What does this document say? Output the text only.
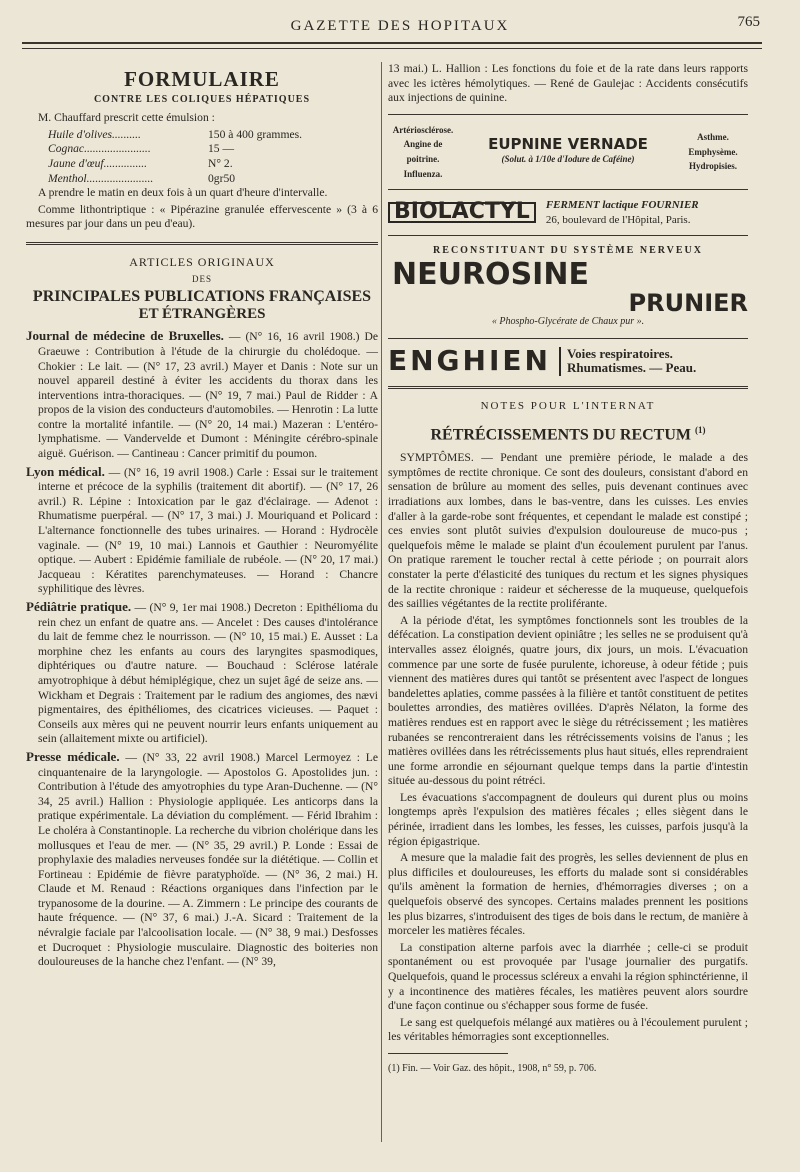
GAZETTE DES HOPITAUX	765
FORMULAIRE
CONTRE LES COLIQUES HÉPATIQUES

M. Chauffard prescrit cette émulsion :

Huile d'olives..........	150 à 400 grammes.
Cognac.......................	15 —
Jaune d'œuf...............	N° 2.
Menthol.......................	0gr50

A prendre le matin en deux fois à un quart d'heure d'intervalle.

Comme lithontriptique : « Pipérazine granulée effervescente » (3 à 6 mesures par jour dans un peu d'eau).

ARTICLES ORIGINAUX
DES
PRINCIPALES PUBLICATIONS FRANÇAISES
ET ÉTRANGÈRES

Journal de médecine de Bruxelles. — (N° 16, 16 avril 1908.) De Graeuwe : Contribution à l'étude de la chirurgie du cholédoque. — Chokier : Le lait. — (N° 17, 23 avril.) Mayer et Danis : Note sur un nouvel appareil destiné à éviter les accidents du thorax dans les interventions intra-thoraciques. — (N° 19, 7 mai.) Paul de Ridder : A propos de la vision des conducteurs d'automobiles. — Henrotin : La lutte contre la mortalité infantile. — (N° 20, 14 mai.) Mazeran : L'entéro-lymphatisme. — Vandervelde et Dumont : Méningite cérébro-spinale aiguë. Guérison. — Cantineau : Cancer primitif du poumon.

Lyon médical. — (N° 16, 19 avril 1908.) Carle : Essai sur le traitement interne et précoce de la syphilis (traitement dit abortif). — (N° 17, 26 avril.) R. Lépine : Intoxication par le gaz d'éclairage. — Adenot : Rhumatisme puerpéral. — (N° 17, 3 mai.) J. Mouriquand et Policard : L'alternance fonctionnelle des tubes urinaires. — Horand : Hydrocèle vaginale. — (N° 19, 10 mai.) Lannois et Gauthier : Neuromyélite optique. — Aubert : Epidémie familiale de rubéole. — (N° 20, 17 mai.) Jacqueau : Kératites parenchymateuses. — Horand : Chancre syphilitique des lèvres.

Pédiâtrie pratique. — (N° 9, 1er mai 1908.) Decreton : Epithélioma du rein chez un enfant de quatre ans. — Ancelet : Des causes d'intolérance du lait de femme chez le nourrisson. — (N° 10, 15 mai.) E. Ausset : La morphine chez les enfants au cours des laryngites spasmodiques, diphtériques ou d'autre nature. — Bouchaud : Sclérose latérale amyotrophique à début hémiplégique, chez un sujet âgé de seize ans. — Wickham et Degrais : Traitement par le radium des angiomes, des nævi pigmentaires, des épithéliomes, des cicatrices vicieuses. — Paquet : Conseils aux mères qui ne peuvent nourrir leurs enfants uniquement au sein (allaitement mixte ou artificiel).

Presse médicale. — (N° 33, 22 avril 1908.) Marcel Lermoyez : Le cinquantenaire de la laryngologie. — Apostolos G. Apostolides jun. : Contribution à l'étude des amyotrophies du type Aran-Duchenne. — (N° 34, 25 avril.) Hallion : Physiologie appliquée. Les anticorps dans la pratique expérimentale. La déviation du complément. — Férid Ibrahim : Le choléra à Constantinople. La recherche du vibrion cholérique dans les mollusques et l'eau de mer. — (N° 35, 29 avril.) P. Londe : Essai de prophylaxie des maladies nerveuses fondée sur la diététique. — Collin et Fortineau : Epidémie de fièvre paratyphoïde. — (N° 36, 2 mai.) H. Claude et M. Renaud : Réactions organiques dans l'infection par le trypanosome de la dourine. — A. Zimmern : Le principe des courants de haute fréquence. — (N° 37, 6 mai.) J.-A. Sicard : Traitement de la névralgie faciale par l'alcoolisation locale. — (N° 38, 9 mai.) Desfosses et Ducroquet : Physiologie musculaire. Diagnostic des boiteries non douloureuses de la hanche chez l'enfant. — (N° 39,

13 mai.) L. Hallion : Les fonctions du foie et de la rate dans leurs rapports avec les ictères hémolytiques. — René de Gaulejac : Accidents consécutifs aux injections de quinine.

Artériosclérose. Angine de poitrine. Influenza.
EUPNINE VERNADE
(Solut. à 1/10e d'Iodure de Caféine)
Asthme. Emphysème. Hydropisies.
BIOLACTYL	FERMENT lactique FOURNIER
26, boulevard de l'Hôpital, Paris.
RECONSTITUANT DU SYSTÈME NERVEUX
NEUROSINE
PRUNIER
« Phospho-Glycérate de Chaux pur ».
ENGHIEN Voies respiratoires.
Rhumatismes. — Peau.
NOTES POUR L'INTERNAT
RÉTRÉCISSEMENTS DU RECTUM $^{(1)}$

SYMPTÔMES. — Pendant une première période, le malade a des symptômes de rectite chronique. Ce sont des douleurs, consistant d'abord en sensation de brûlure au moment des selles, puis devenant continues avec irradiations aux lombes, dans le bas-ventre, dans les cuisses. Les envies d'aller à la garde-robe sont fréquentes, et cependant le malade est constipé ; ces envies sont plutôt suivies d'expulsion douloureuse de muco-pus ; quelquefois même le malade se plaint d'un écoulement purulent par l'anus. On pratique rarement le toucher rectal à cette période ; on pourrait alors constater la perte d'élasticité des tuniques du rectum et les signes physiques de la rectite chronique : raideur et sécheresse de la muqueuse, quelquefois des saillies végétantes de la rectite proliférante.

A la période d'état, les symptômes fonctionnels sont les troubles de la défécation. La constipation devient opiniâtre ; les selles ne se produisent qu'à intervalles assez éloignés, quatre jours, dix jours, un mois. L'évacuation commence par une sorte de fusée purulente, ichoreuse, à odeur fétide ; puis viennent des matières dures qui tantôt se présentent avec l'aspect de longues bandelettes aplaties, comme passées à la filière et tantôt constituent de petites boulettes arrondies, des matières ovillées. D'après Nélaton, la forme des matières rendues est en rapport avec le siège du rétrécissement ; les matières rubanées se rencontreraient dans les rétrécissements voisins de l'anus ; les matières ovillées dans les rétrécissements plus haut situés, elles reprendraient une forme arrondie en séjournant quelque temps dans la partie d'intestin située au-dessous du point rétréci.

Les évacuations s'accompagnent de douleurs qui durent plus ou moins longtemps après l'expulsion des matières fécales ; elles siègent dans le périnée, irradient dans les lombes, les fesses, les cuisses, parfois jusqu'à la région épigastrique.

A mesure que la maladie fait des progrès, les selles deviennent de plus en plus difficiles et douloureuses, les efforts du malade sont si considérables qu'ils amènent la formation de hernies, d'hémorragies diverses ; on a quelquefois observé des syncopes. Certains malades prennent les positions les plus bizarres, s'introduisent des tiges de bois dans le rectum, de manière à morceler les matières fécales.

La constipation alterne parfois avec la diarrhée ; celle-ci se produit spontanément ou est provoquée par l'usage journalier des purgatifs. Quelquefois, quand le processus scléreux a envahi la région sphinctérienne, il y a incontinence des matières fécales, les matières peuvent alors sourdre d'une façon continue ou s'échapper sous forme de fusée.

Le sang est quelquefois mélangé aux matières ou à l'écoulement purulent ; les véritables hémorragies sont exceptionnelles.

(1) Fin. — Voir Gaz. des hôpit., 1908, n° 59, p. 706.
